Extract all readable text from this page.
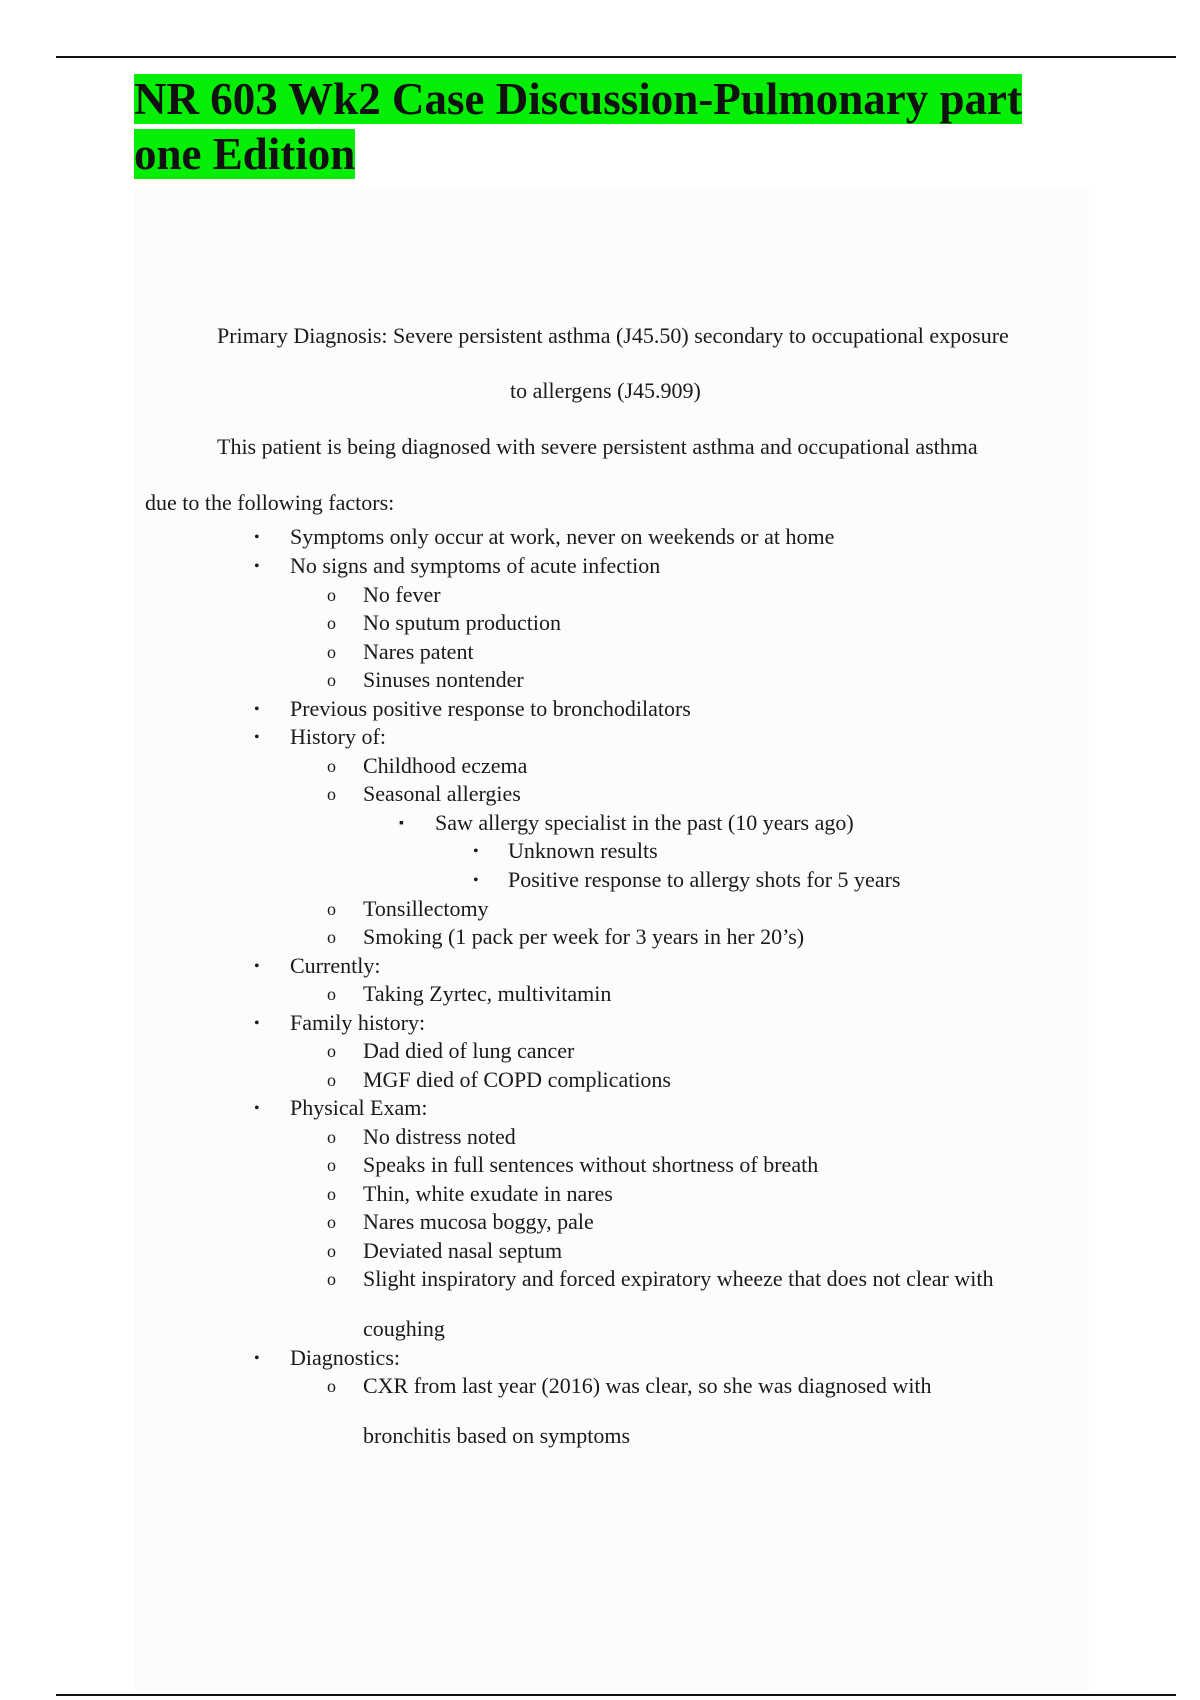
NR 603 Wk2 Case Discussion-Pulmonary part
one Edition
Primary Diagnosis: Severe persistent asthma (J45.50) secondary to occupational exposure
to allergens (J45.909)
This patient is being diagnosed with severe persistent asthma and occupational asthma
due to the following factors:
• Symptoms only occur at work, never on weekends or at home
• No signs and symptoms of acute infection
o No fever
o No sputum production
o Nares patent
o Sinuses nontender
• Previous positive response to bronchodilators
• History of:
o Childhood eczema
o Seasonal allergies
▪ Saw allergy specialist in the past (10 years ago)
• Unknown results
• Positive response to allergy shots for 5 years
o Tonsillectomy
o Smoking (1 pack per week for 3 years in her 20’s)
• Currently:
o Taking Zyrtec, multivitamin
• Family history:
o Dad died of lung cancer
o MGF died of COPD complications
• Physical Exam:
o No distress noted
o Speaks in full sentences without shortness of breath
o Thin, white exudate in nares
o Nares mucosa boggy, pale
o Deviated nasal septum
o Slight inspiratory and forced expiratory wheeze that does not clear with
coughing
• Diagnostics:
o CXR from last year (2016) was clear, so she was diagnosed with
bronchitis based on symptoms
